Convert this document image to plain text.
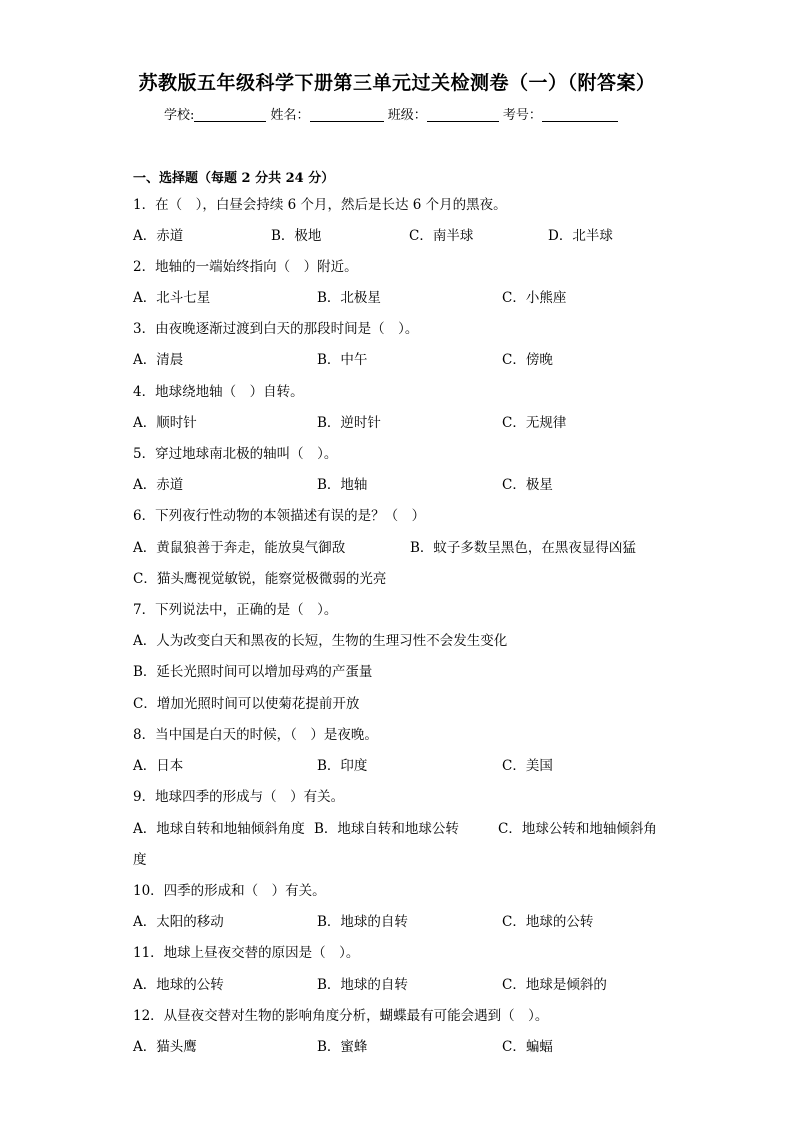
苏教版五年级科学下册第三单元过关检测卷（一）（附答案）
学校:	姓名：	班级：	考号：
一、选择题（每题 2 分共 24 分）
1．在（　），白昼会持续 6 个月，然后是长达 6 个月的黑夜。
A．赤道	B．极地	C．南半球	D．北半球
2．地轴的一端始终指向（　）附近。
A．北斗七星	B．北极星	C．小熊座
3．由夜晚逐渐过渡到白天的那段时间是（　）。
A．清晨	B．中午	C．傍晚
4．地球绕地轴（　）自转。
A．顺时针	B．逆时针	C．无规律
5．穿过地球南北极的轴叫（　）。
A．赤道	B．地轴	C．极星
6．下列夜行性动物的本领描述有误的是？（　）
A．黄鼠狼善于奔走，能放臭气御敌	B．蚊子多数呈黑色，在黑夜显得凶猛
C．猫头鹰视觉敏锐，能察觉极微弱的光亮
7．下列说法中，正确的是（　）。
A．人为改变白天和黑夜的长短，生物的生理习性不会发生变化
B．延长光照时间可以增加母鸡的产蛋量
C．增加光照时间可以使菊花提前开放
8．当中国是白天的时候，（　）是夜晚。
A．日本	B．印度	C．美国
9．地球四季的形成与（　）有关。
A．地球自转和地轴倾斜角度 B．地球自转和地球公转	C．地球公转和地轴倾斜角
度
10．四季的形成和（　）有关。
A．太阳的移动	B．地球的自转	C．地球的公转
11．地球上昼夜交替的原因是（　）。
A．地球的公转	B．地球的自转	C．地球是倾斜的
12．从昼夜交替对生物的影响角度分析，蝴蝶最有可能会遇到（　）。
A．猫头鹰	B．蜜蜂	C．蝙蝠
